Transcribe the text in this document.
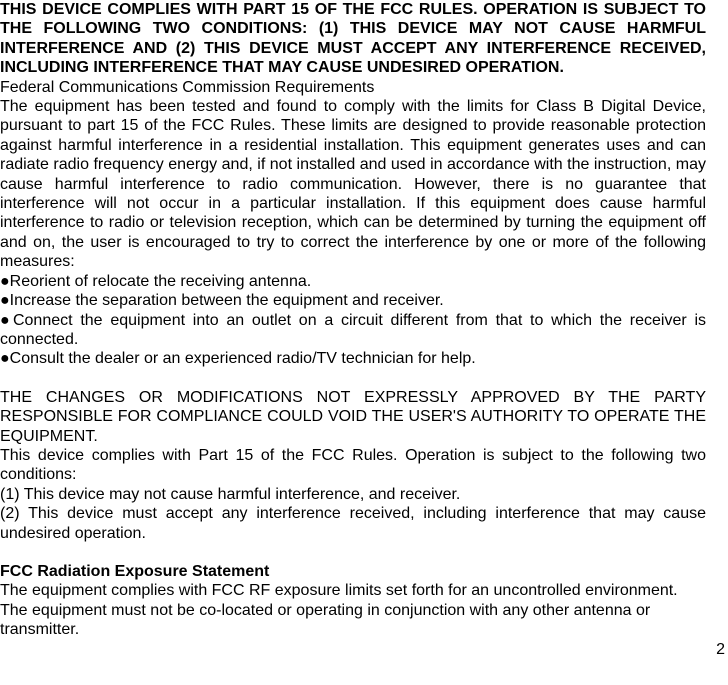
THIS DEVICE COMPLIES WITH PART 15 OF THE FCC RULES. OPERATION IS SUBJECT TO THE FOLLOWING TWO CONDITIONS: (1) THIS DEVICE MAY NOT CAUSE HARMFUL INTERFERENCE AND (2) THIS DEVICE MUST ACCEPT ANY INTERFERENCE RECEIVED, INCLUDING INTERFERENCE THAT MAY CAUSE UNDESIRED OPERATION.

Federal Communications Commission Requirements

The equipment has been tested and found to comply with the limits for Class B Digital Device, pursuant to part 15 of the FCC Rules. These limits are designed to provide reasonable protection against harmful interference in a residential installation. This equipment generates uses and can radiate radio frequency energy and, if not installed and used in accordance with the instruction, may cause harmful interference to radio communication. However, there is no guarantee that interference will not occur in a particular installation. If this equipment does cause harmful interference to radio or television reception, which can be determined by turning the equipment off and on, the user is encouraged to try to correct the interference by one or more of the following measures:

●Reorient of relocate the receiving antenna.

●Increase the separation between the equipment and receiver.

●Connect the equipment into an outlet on a circuit different from that to which the receiver is connected.

●Consult the dealer or an experienced radio/TV technician for help.

THE CHANGES OR MODIFICATIONS NOT EXPRESSLY APPROVED BY THE PARTY RESPONSIBLE FOR COMPLIANCE COULD VOID THE USER'S AUTHORITY TO OPERATE THE EQUIPMENT.

This device complies with Part 15 of the FCC Rules. Operation is subject to the following two conditions:

(1) This device may not cause harmful interference, and receiver.

(2) This device must accept any interference received, including interference that may cause undesired operation.

FCC Radiation Exposure Statement

The equipment complies with FCC RF exposure limits set forth for an uncontrolled environment.

The equipment must not be co-located or operating in conjunction with any other antenna or transmitter.

2
